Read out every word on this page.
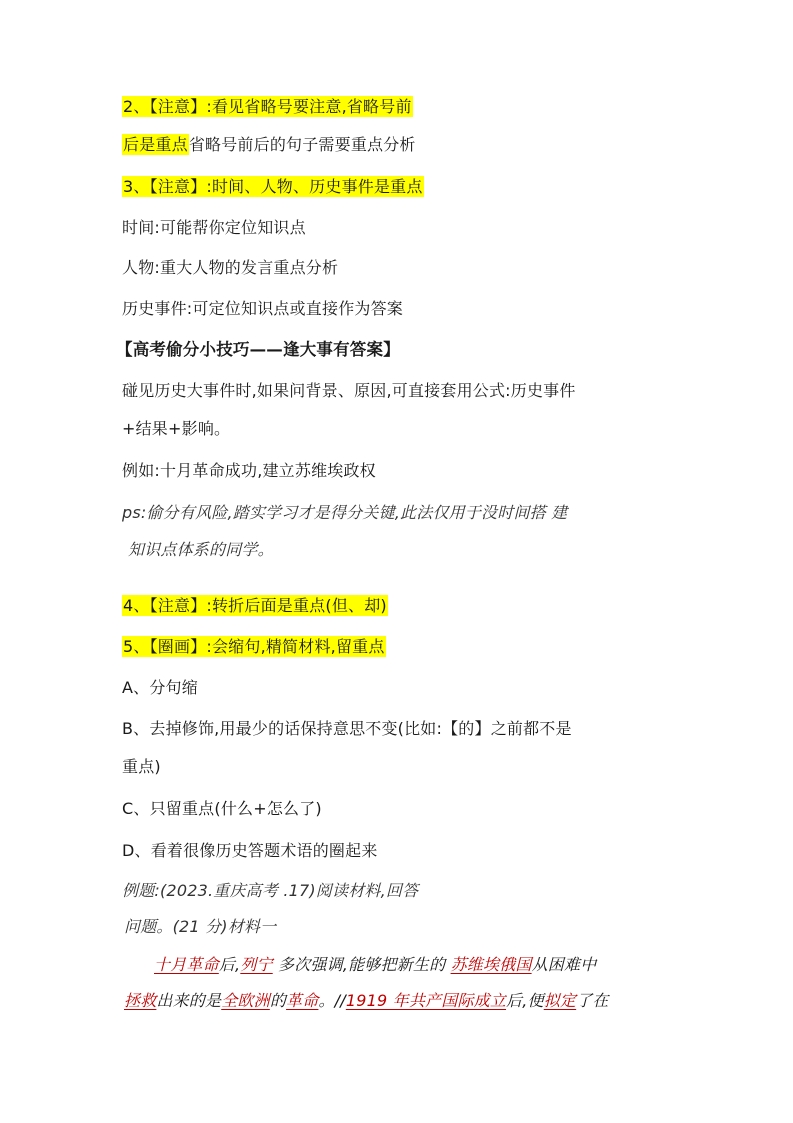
2、【注意】:看见省略号要注意,省略号前
后是重点省略号前后的句子需要重点分析
3、【注意】:时间、人物、历史事件是重点
时间:可能帮你定位知识点
人物:重大人物的发言重点分析
历史事件:可定位知识点或直接作为答案
【高考偷分小技巧——逢大事有答案】
碰见历史大事件时,如果问背景、原因,可直接套用公式:历史事件
+结果+影响。
例如:十月革命成功,建立苏维埃政权
ps:偷分有风险,踏实学习才是得分关键,此法仅用于没时间搭 建
知识点体系的同学。
4、【注意】:转折后面是重点(但、却)
5、【圈画】:会缩句,精简材料,留重点
A、分句缩
B、去掉修饰,用最少的话保持意思不变(比如:【的】之前都不是
重点)
C、只留重点(什么+怎么了)
D、看着很像历史答题术语的圈起来
例题:(2023.重庆高考 .17)阅读材料,回答
问题。(21 分)材料一
十月革命后,列宁 多次强调,能够把新生的 苏维埃俄国从困难中
拯救出来的是全欧洲的革命。//1919 年共产国际成立后,便拟定了在
